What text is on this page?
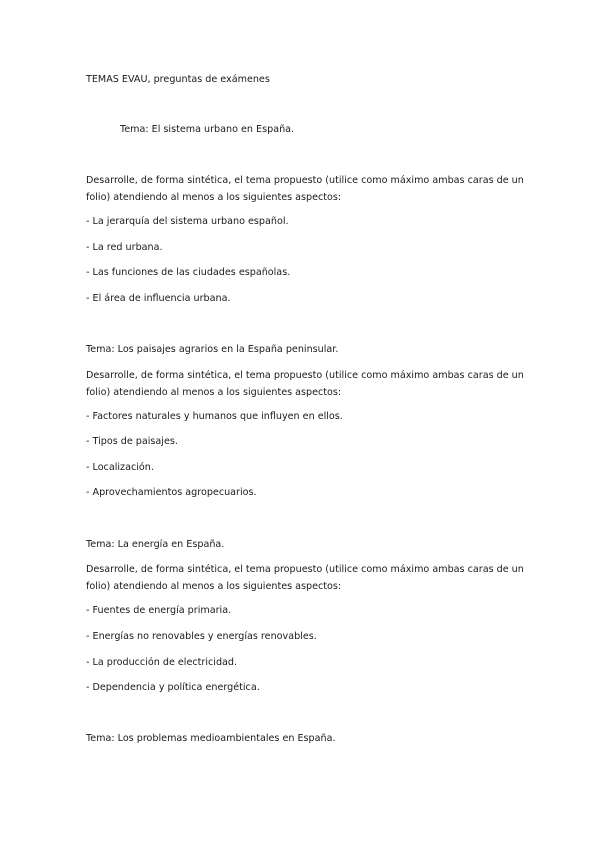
TEMAS EVAU, preguntas de exámenes
Tema: El sistema urbano en España.
Desarrolle, de forma sintética, el tema propuesto (utilice como máximo ambas caras de un
folio) atendiendo al menos a los siguientes aspectos:
- La jerarquía del sistema urbano español.
- La red urbana.
- Las funciones de las ciudades españolas.
- El área de influencia urbana.
Tema: Los paisajes agrarios en la España peninsular.
Desarrolle, de forma sintética, el tema propuesto (utilice como máximo ambas caras de un
folio) atendiendo al menos a los siguientes aspectos:
- Factores naturales y humanos que influyen en ellos.
- Tipos de paisajes.
- Localización.
- Aprovechamientos agropecuarios.
Tema: La energía en España.
Desarrolle, de forma sintética, el tema propuesto (utilice como máximo ambas caras de un
folio) atendiendo al menos a los siguientes aspectos:
- Fuentes de energía primaria.
- Energías no renovables y energías renovables.
- La producción de electricidad.
- Dependencia y política energética.
Tema: Los problemas medioambientales en España.
